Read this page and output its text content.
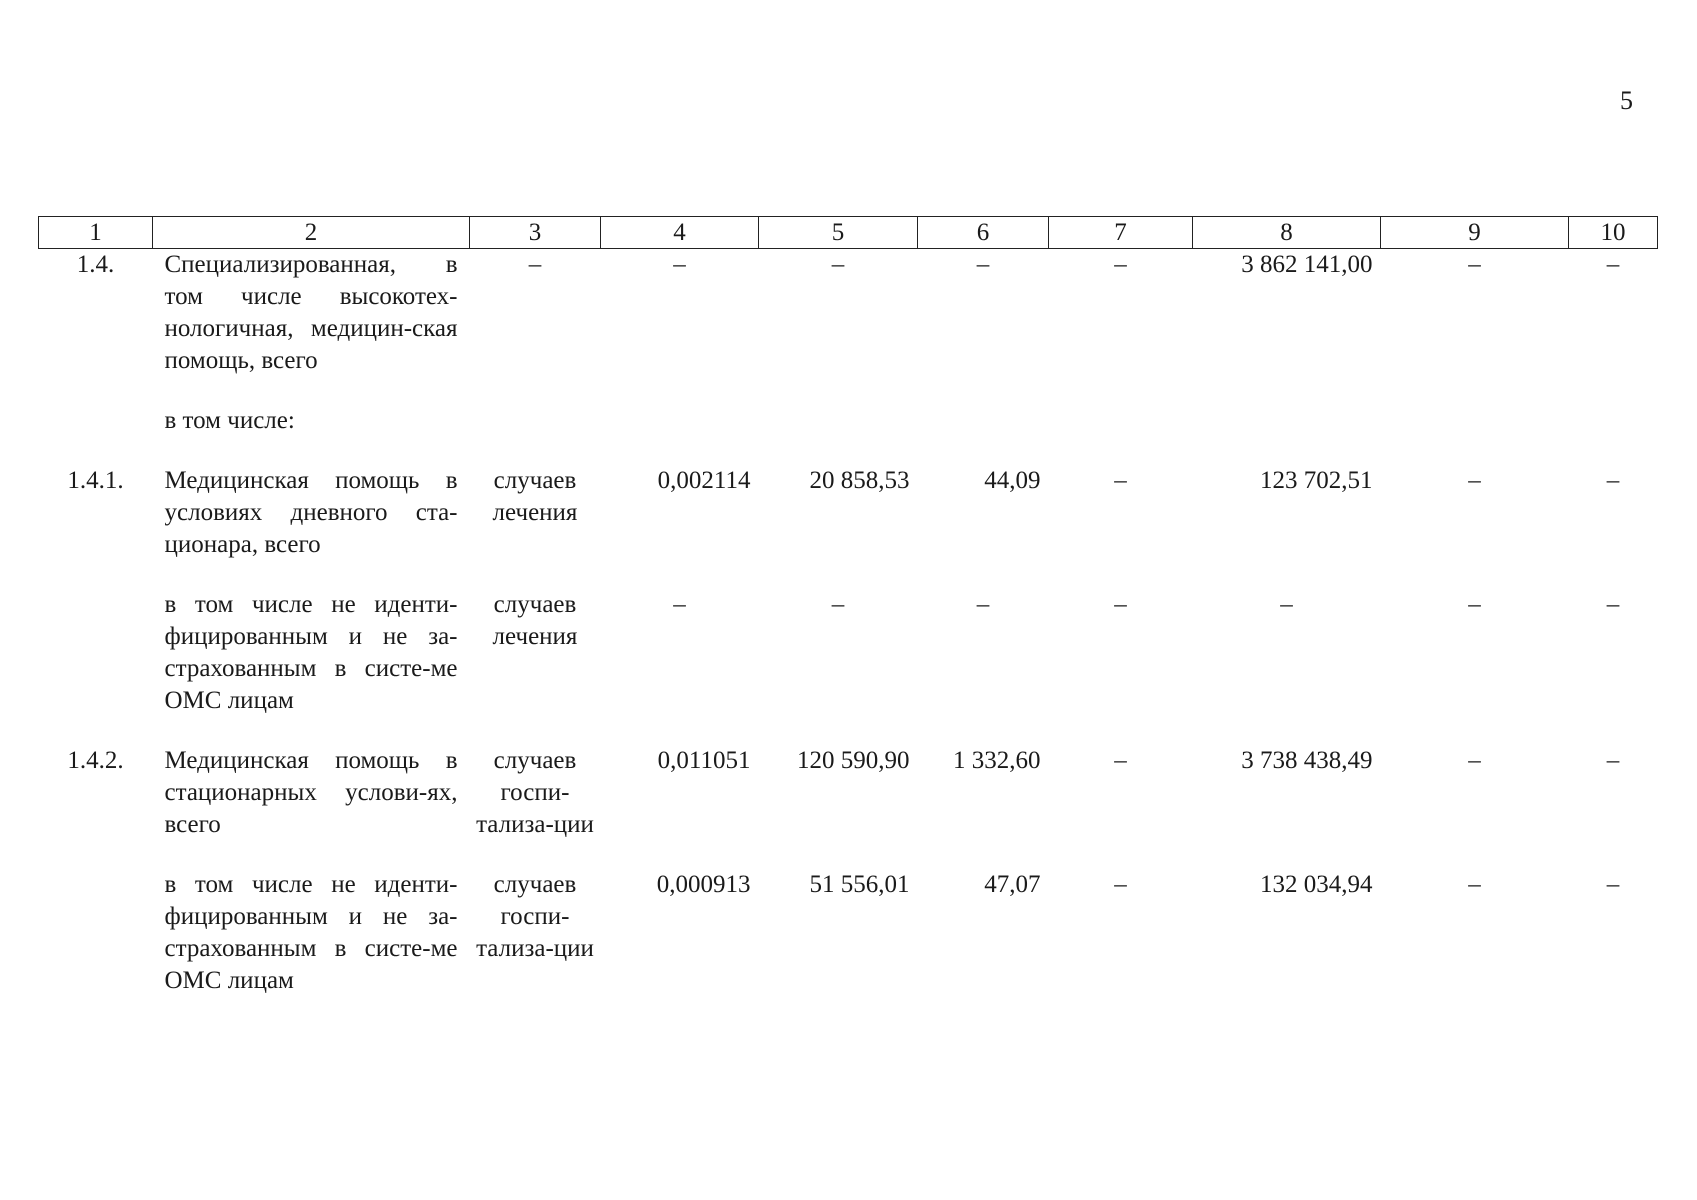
5
1	2	3	4	5	6	7	8	9	10
1.4.	Специализированная, в том числе высокотех-нологичная, медицин-ская помощь, всего	–	–	–	–	–	3 862 141,00	–	–

	в том числе:								

1.4.1.	Медицинская помощь в условиях дневного ста-ционара, всего	случаев лечения	0,002114	20 858,53	44,09	–	123 702,51	–	–

	в том числе не иденти-фицированным и не за-страхованным в систе-ме ОМС лицам	случаев лечения	–	–	–	–	–	–	–

1.4.2.	Медицинская помощь в стационарных услови-ях, всего	случаев госпи-тализа-ции	0,011051	120 590,90	1 332,60	–	3 738 438,49	–	–

	в том числе не иденти-фицированным и не за-страхованным в систе-ме ОМС лицам	случаев госпи-тализа-ции	0,000913	51 556,01	47,07	–	132 034,94	–	–
